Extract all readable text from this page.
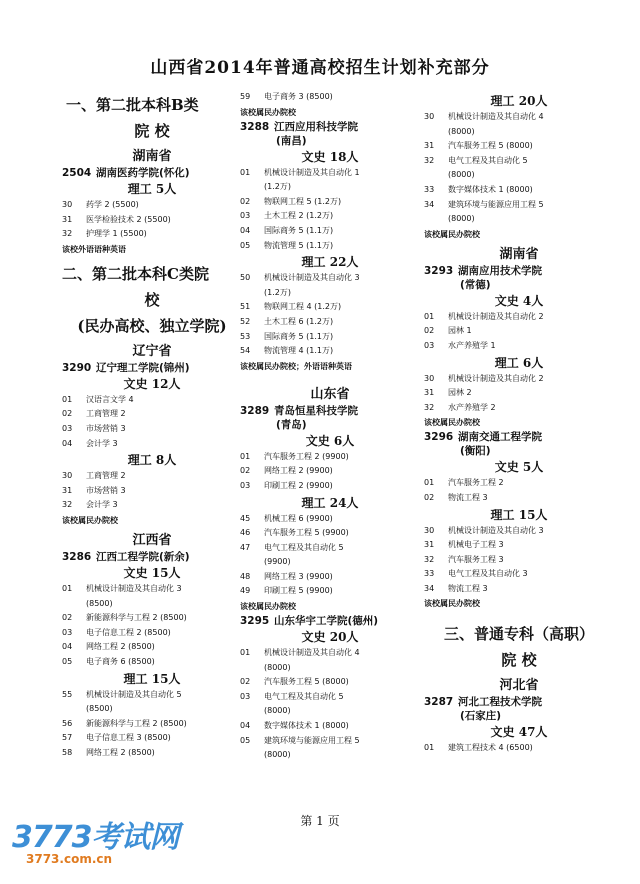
山西省2014年普通高校招生计划补充部分
一、第二批本科B类
院 校
湖南省
2504 湖南医药学院(怀化)
理工 5人
30	药学 2 (5500)
31	医学检验技术 2 (5500)
32	护理学 1 (5500)
该校外语语种英语
二、第二批本科C类院
校
(民办高校、独立学院)
辽宁省
3290 辽宁理工学院(锦州)
文史 12人
01	汉语言文学 4
02	工商管理 2
03	市场营销 3
04	会计学 3
理工 8人
30	工商管理 2
31	市场营销 3
32	会计学 3
该校属民办院校
江西省
3286 江西工程学院(新余)
文史 15人
01	机械设计制造及其自动化 3
(8500)
02	新能源科学与工程 2 (8500)
03	电子信息工程 2 (8500)
04	网络工程 2 (8500)
05	电子商务 6 (8500)
理工 15人
55	机械设计制造及其自动化 5
(8500)
56	新能源科学与工程 2 (8500)
57	电子信息工程 3 (8500)
58	网络工程 2 (8500)
59	电子商务 3 (8500)
该校属民办院校
3288 江西应用科技学院
(南昌)
文史 18人
01	机械设计制造及其自动化 1
(1.2万)
02	物联网工程 5 (1.2万)
03	土木工程 2 (1.2万)
04	国际商务 5 (1.1万)
05	物流管理 5 (1.1万)
理工 22人
50	机械设计制造及其自动化 3
(1.2万)
51	物联网工程 4 (1.2万)
52	土木工程 6 (1.2万)
53	国际商务 5 (1.1万)
54	物流管理 4 (1.1万)
该校属民办院校；外语语种英语
山东省
3289 青岛恒星科技学院
(青岛)
文史 6人
01	汽车服务工程 2 (9900)
02	网络工程 2 (9900)
03	印刷工程 2 (9900)
理工 24人
45	机械工程 6 (9900)
46	汽车服务工程 5 (9900)
47	电气工程及其自动化 5
(9900)
48	网络工程 3 (9900)
49	印刷工程 5 (9900)
该校属民办院校
3295 山东华宇工学院(德州)
文史 20人
01	机械设计制造及其自动化 4
(8000)
02	汽车服务工程 5 (8000)
03	电气工程及其自动化 5
(8000)
04	数字媒体技术 1 (8000)
05	建筑环境与能源应用工程 5
(8000)
理工 20人
30	机械设计制造及其自动化 4
(8000)
31	汽车服务工程 5 (8000)
32	电气工程及其自动化 5
(8000)
33	数字媒体技术 1 (8000)
34	建筑环境与能源应用工程 5
(8000)
该校属民办院校
湖南省
3293 湖南应用技术学院
(常德)
文史 4人
01	机械设计制造及其自动化 2
02	园林 1
03	水产养殖学 1
理工 6人
30	机械设计制造及其自动化 2
31	园林 2
32	水产养殖学 2
该校属民办院校
3296 湖南交通工程学院
(衡阳)
文史 5人
01	汽车服务工程 2
02	物流工程 3
理工 15人
30	机械设计制造及其自动化 3
31	机械电子工程 3
32	汽车服务工程 3
33	电气工程及其自动化 3
34	物流工程 3
该校属民办院校
三、普通专科（高职）
院 校
河北省
3287 河北工程技术学院
(石家庄)
文史 47人
01	建筑工程技术 4 (6500)
3773考试网
3773.com.cn
第 1 页
